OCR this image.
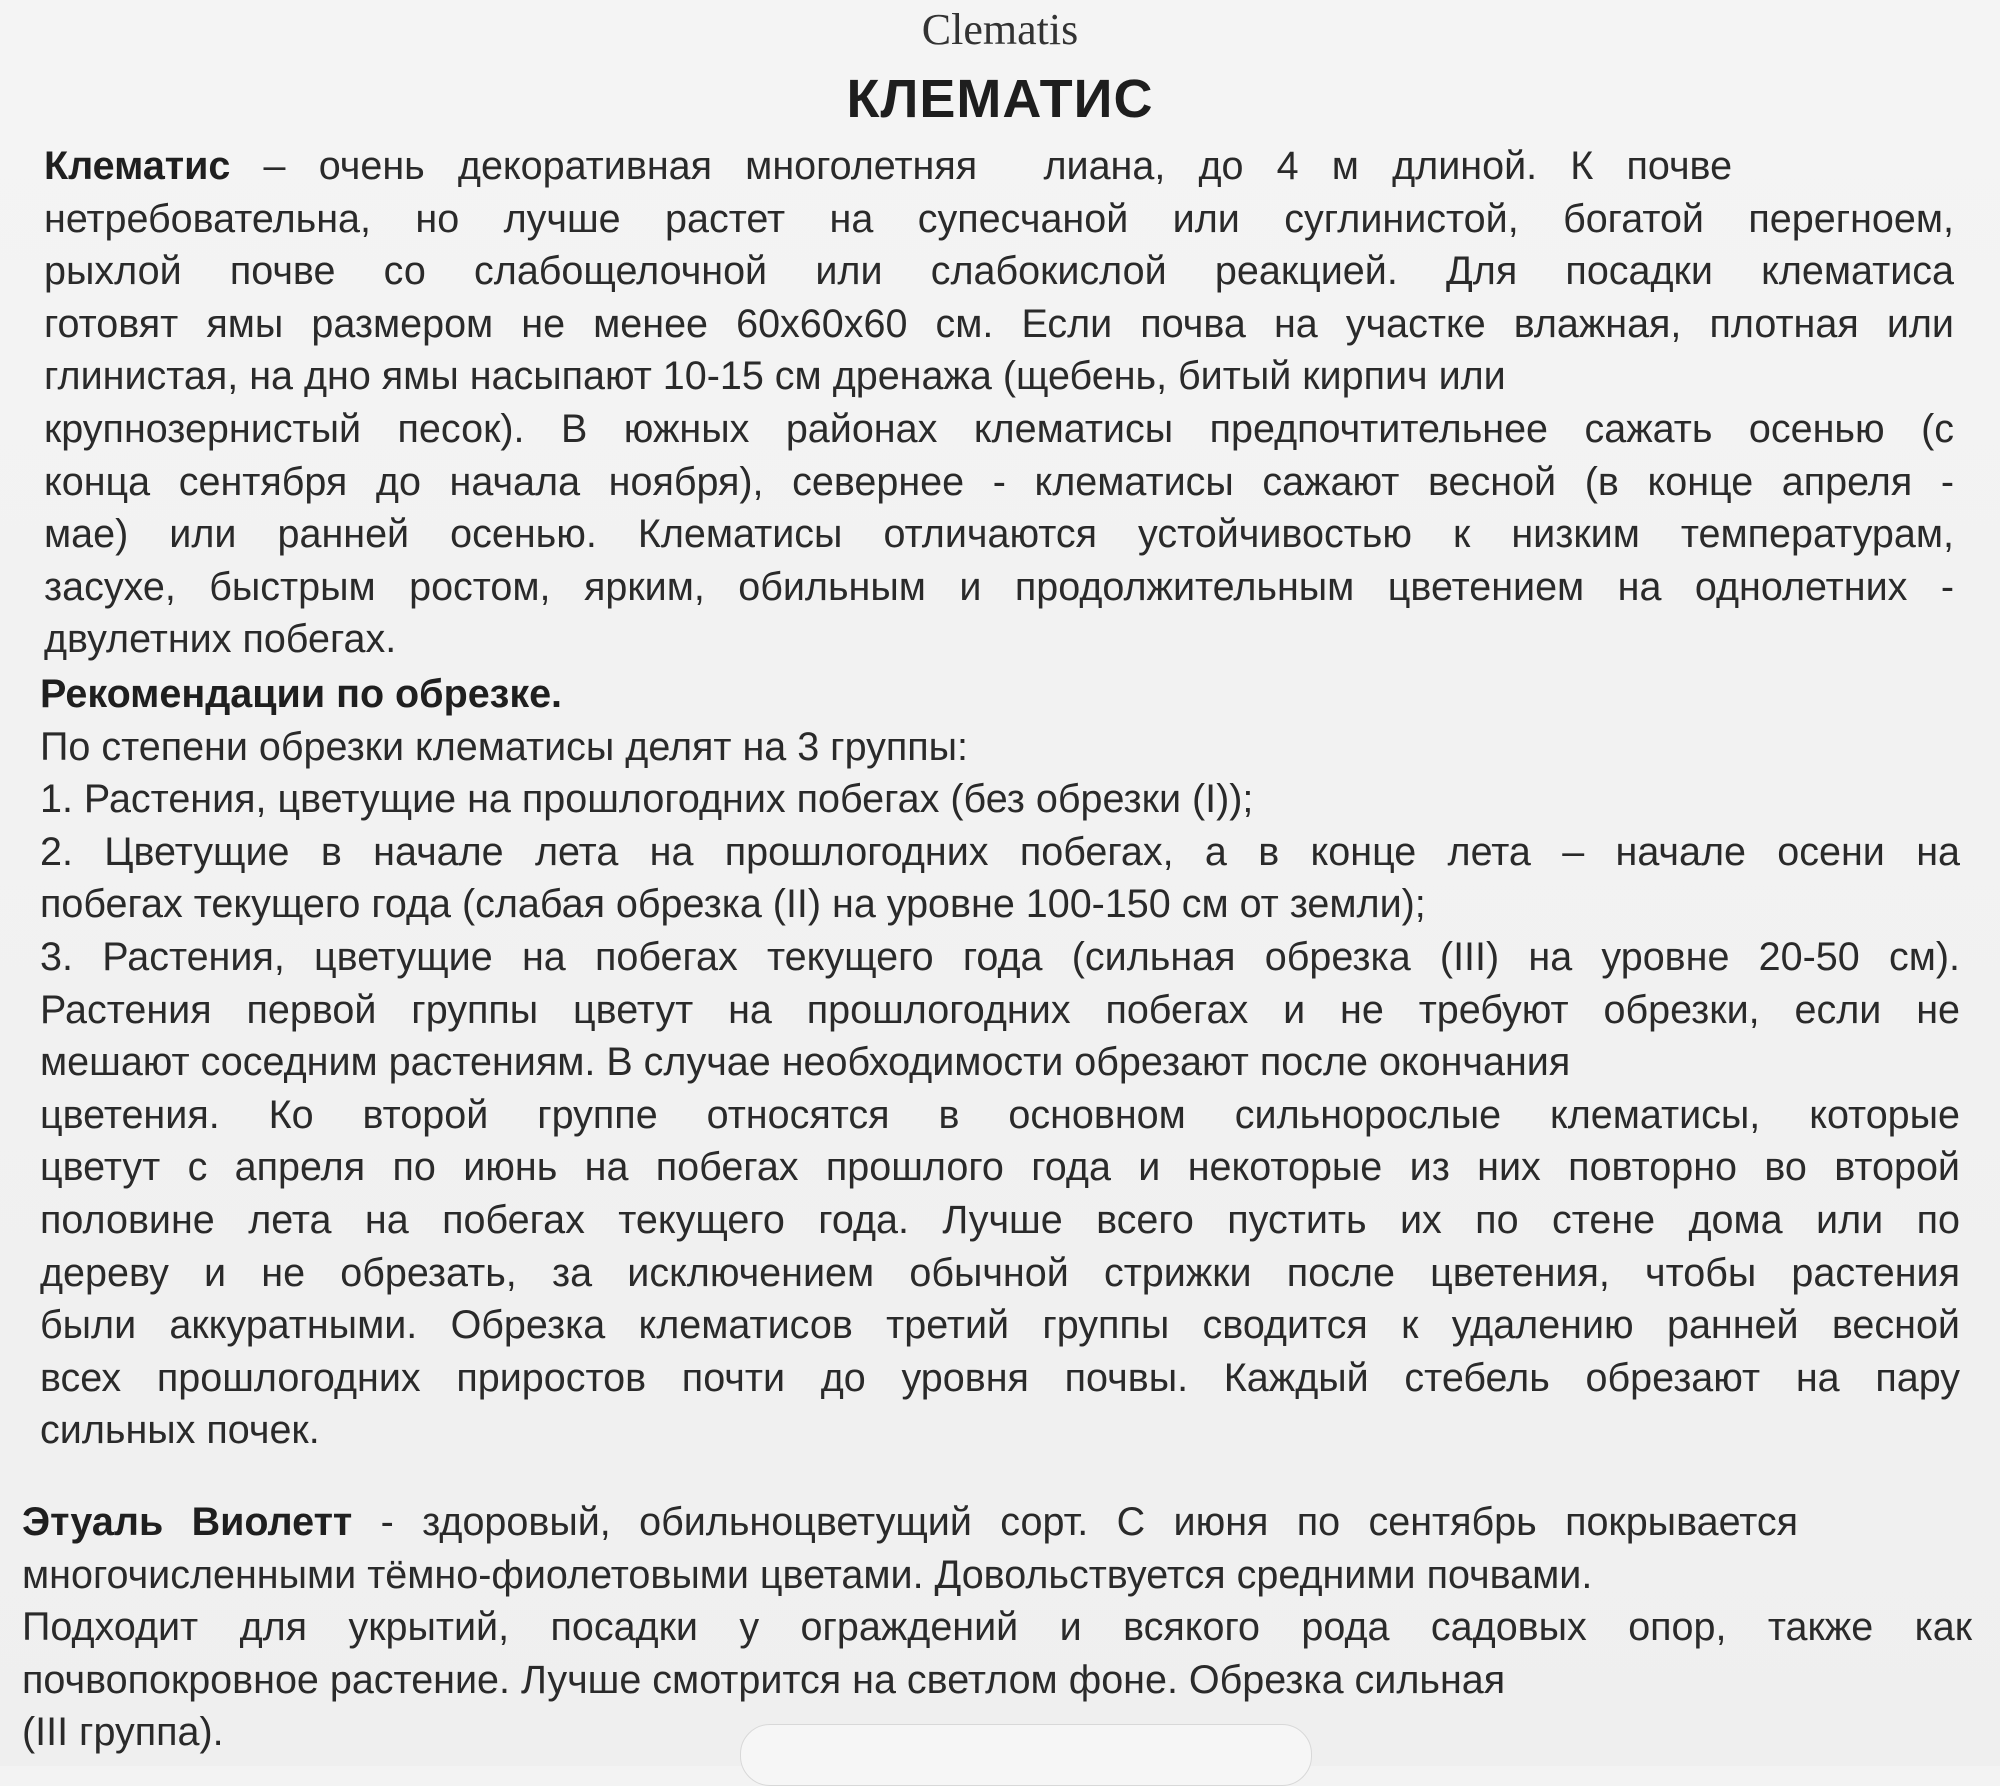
Clematis
КЛЕМАТИС
Клематис – очень декоративная многолетняя  лиана, до 4 м длиной. К почве
нетребовательна, но лучше растет на супесчаной или суглинистой, богатой перегноем,
рыхлой почве со слабощелочной или слабокислой реакцией. Для посадки клематиса
готовят ямы размером не менее 60х60х60 см. Если почва на участке влажная, плотная или
глинистая, на дно ямы насыпают 10-15 см дренажа (щебень, битый кирпич или
крупнозернистый песок). В южных районах клематисы предпочтительнее сажать осенью (с
конца сентября до начала ноября), севернее - клематисы сажают весной (в конце апреля -
мае) или ранней осенью. Клематисы отличаются устойчивостью к низким температурам,
засухе, быстрым ростом, ярким, обильным и продолжительным цветением на однолетних -
двулетних побегах.
Рекомендации по обрезке.
По степени обрезки клематисы делят на 3 группы:
1. Растения, цветущие на прошлогодних побегах (без обрезки (I));
2. Цветущие в начале лета на прошлогодних побегах, а в конце лета – начале осени на
побегах текущего года (слабая обрезка (II) на уровне 100-150 см от земли);
3. Растения, цветущие на побегах текущего года (сильная обрезка (III) на уровне 20-50 см).
Растения первой группы цветут на прошлогодних побегах и не требуют обрезки, если не
мешают соседним растениям. В случае необходимости обрезают после окончания
цветения. Ко второй группе относятся в основном сильнорослые клематисы, которые
цветут с апреля по июнь на побегах прошлого года и некоторые из них повторно во второй
половине лета на побегах текущего года. Лучше всего пустить их по стене дома или по
дереву и не обрезать, за исключением обычной стрижки после цветения, чтобы растения
были аккуратными. Обрезка клематисов третий группы сводится к удалению ранней весной
всех прошлогодних приростов почти до уровня почвы. Каждый стебель обрезают на пару
сильных почек.
Этуаль Виолетт - здоровый, обильноцветущий сорт. С июня по сентябрь покрывается
многочисленными тёмно-фиолетовыми цветами. Довольствуется средними почвами.
Подходит для укрытий, посадки у ограждений и всякого рода садовых опор, также как
почвопокровное растение. Лучше смотрится на светлом фоне. Обрезка сильная
(III группа).
